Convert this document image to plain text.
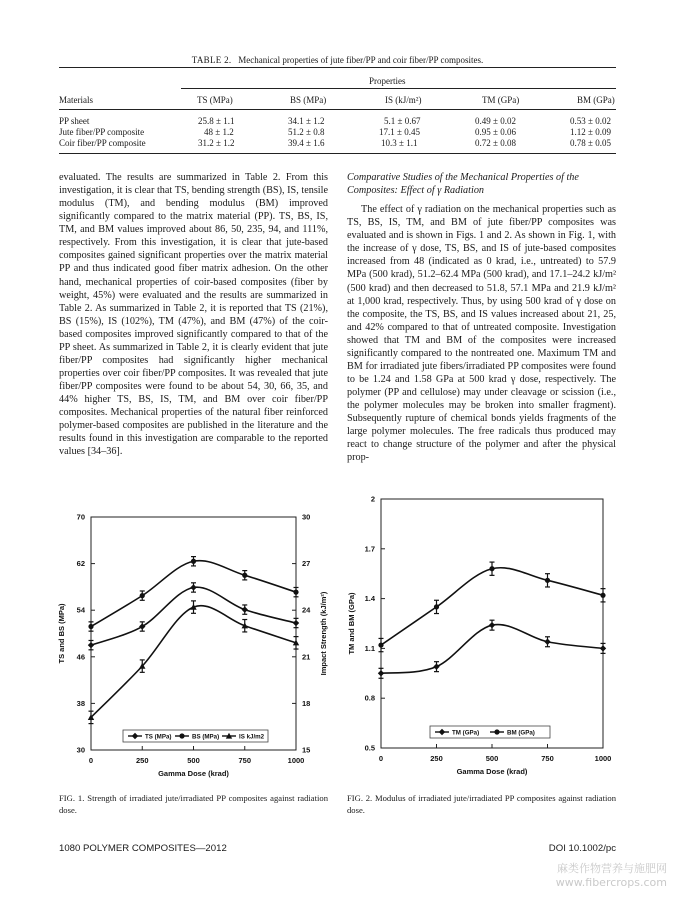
TABLE 2. Mechanical properties of jute fiber/PP and coir fiber/PP composites.
Properties
Materials	TS (MPa)	BS (MPa)	IS (kJ/m²)	TM (GPa)	BM (GPa)
PP sheet	25.8 ± 1.1	34.1 ± 1.2	5.1 ± 0.67	0.49 ± 0.02	0.53 ± 0.02
Jute fiber/PP composite	48 ± 1.2	51.2 ± 0.8	17.1 ± 0.45	0.95 ± 0.06	1.12 ± 0.09
Coir fiber/PP composite	31.2 ± 1.2	39.4 ± 1.6	10.3 ± 1.1	0.72 ± 0.08	0.78 ± 0.05

evaluated. The results are summarized in Table 2. From this investigation, it is clear that TS, bending strength (BS), IS, tensile modulus (TM), and bending modulus (BM) improved significantly compared to the matrix material (PP). TS, BS, IS, TM, and BM values improved about 86, 50, 235, 94, and 111%, respectively. From this investigation, it is clear that jute-based composites gained significant properties over the matrix material PP and thus indicated good fiber matrix adhesion. On the other hand, mechanical properties of coir-based composites (fiber by weight, 45%) were evaluated and the results are summarized in Table 2. As summarized in Table 2, it is reported that TS (21%), BS (15%), IS (102%), TM (47%), and BM (47%) of the coir-based composites improved significantly compared to that of the PP sheet. As summarized in Table 2, it is clearly evident that jute fiber/PP composites had significantly higher mechanical properties over coir fiber/PP composites. It was revealed that jute fiber/PP composites were found to be about 54, 30, 66, 35, and 44% higher TS, BS, IS, TM, and BM over coir fiber/PP composites. Mechanical properties of the natural fiber reinforced polymer-based composites are published in the literature and the results found in this investigation are comparable to the reported values [34–36].

Comparative Studies of the Mechanical Properties of the Composites: Effect of γ Radiation

The effect of γ radiation on the mechanical properties such as TS, BS, IS, TM, and BM of jute fiber/PP composites was evaluated and is shown in Figs. 1 and 2. As shown in Fig. 1, with the increase of γ dose, TS, BS, and IS of jute-based composites increased from 48 (indicated as 0 krad, i.e., untreated) to 57.9 MPa (500 krad), 51.2–62.4 MPa (500 krad), and 17.1–24.2 kJ/m² (500 krad) and then decreased to 51.8, 57.1 MPa and 21.9 kJ/m² at 1,000 krad, respectively. Thus, by using 500 krad of γ dose on the composite, the TS, BS, and IS values increased about 21, 25, and 42% compared to that of untreated composite. Investigation showed that TM and BM of the composites were increased significantly compared to the nontreated one. Maximum TM and BM for irradiated jute fibers/irradiated PP composites were found to be 1.24 and 1.58 GPa at 500 krad γ dose, respectively. The polymer (PP and cellulose) may under cleavage or scission (i.e., the polymer molecules may be broken into smaller fragment). Subsequently rupture of chemical bonds yields fragments of the large polymer molecules. The free radicals thus produced may react to change structure of the polymer and after the physical prop-

0	250	500	750	1000
30
38
46
54
62
70
15
18
21
24
27
30
Gamma Dose (krad)
TS and BS (MPa)	Impact Strength (kJ/m²)
TS (MPa)	BS (MPa)	IS kJ/m2
0	250	500	750	1000
0.5
0.8
1.1
1.4
1.7
2
Gamma Dose (krad)
TM and BM (GPa)
TM (GPa)	BM (GPa)
FIG. 1. Strength of irradiated jute/irradiated PP composites against radiation dose.
FIG. 2. Modulus of irradiated jute/irradiated PP composites against radiation dose.
1080 POLYMER COMPOSITES—2012	DOI 10.1002/pc
麻类作物营养与施肥网
www.fibercrops.com
